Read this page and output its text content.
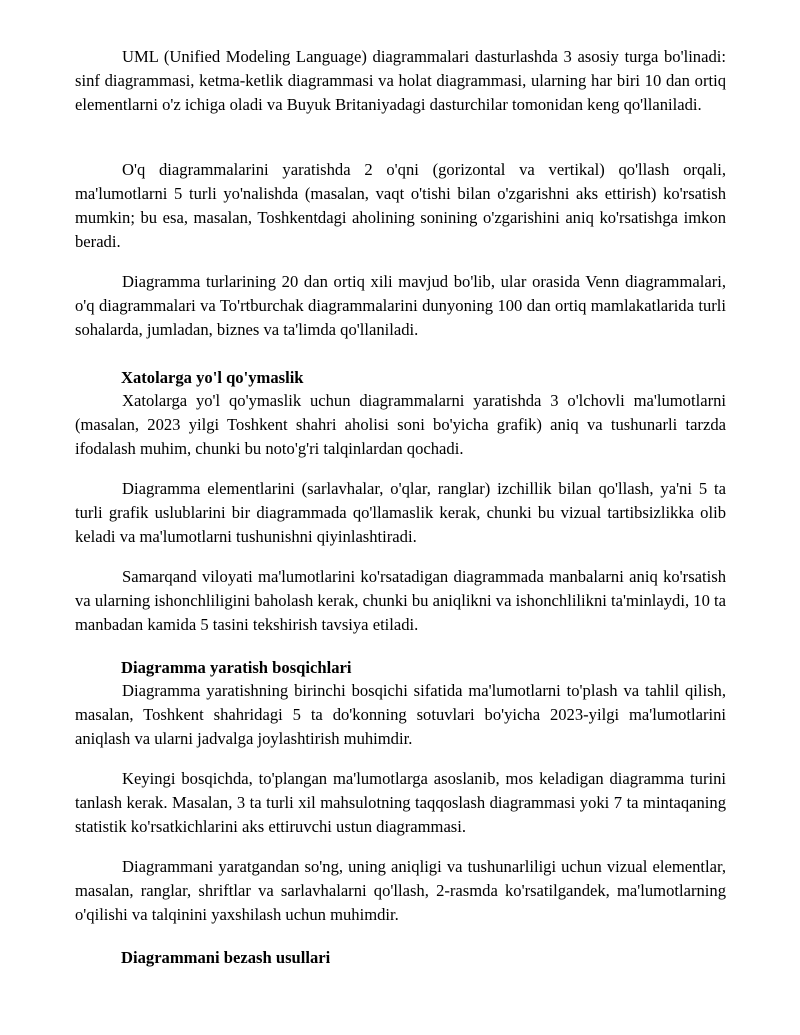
UML (Unified Modeling Language) diagrammalari dasturlashda 3 asosiy turga bo'linadi: sinf diagrammasi, ketma-ketlik diagrammasi va holat diagrammasi, ularning har biri 10 dan ortiq elementlarni o'z ichiga oladi va Buyuk Britaniyadagi dasturchilar tomonidan keng qo'llaniladi.

O'q diagrammalarini yaratishda 2 o'qni (gorizontal va vertikal) qo'llash orqali, ma'lumotlarni 5 turli yo'nalishda (masalan, vaqt o'tishi bilan o'zgarishni aks ettirish) ko'rsatish mumkin; bu esa, masalan, Toshkentdagi aholining sonining o'zgarishini aniq ko'rsatishga imkon beradi.

Diagramma turlarining 20 dan ortiq xili mavjud bo'lib, ular orasida Venn diagrammalari, o'q diagrammalari va To'rtburchak diagrammalarini dunyoning 100 dan ortiq mamlakatlarida turli sohalarda, jumladan, biznes va ta'limda qo'llaniladi.

Xatolarga yo'l qo'ymaslik

Xatolarga yo'l qo'ymaslik uchun diagrammalarni yaratishda 3 o'lchovli ma'lumotlarni (masalan, 2023 yilgi Toshkent shahri aholisi soni bo'yicha grafik) aniq va tushunarli tarzda ifodalash muhim, chunki bu noto'g'ri talqinlardan qochadi.

Diagramma elementlarini (sarlavhalar, o'qlar, ranglar) izchillik bilan qo'llash, ya'ni 5 ta turli grafik uslublarini bir diagrammada qo'llamaslik kerak, chunki bu vizual tartibsizlikka olib keladi va ma'lumotlarni tushunishni qiyinlashtiradi.

Samarqand viloyati ma'lumotlarini ko'rsatadigan diagrammada manbalarni aniq ko'rsatish va ularning ishonchliligini baholash kerak, chunki bu aniqlikni va ishonchlilikni ta'minlaydi, 10 ta manbadan kamida 5 tasini tekshirish tavsiya etiladi.

Diagramma yaratish bosqichlari

Diagramma yaratishning birinchi bosqichi sifatida ma'lumotlarni to'plash va tahlil qilish, masalan, Toshkent shahridagi 5 ta do'konning sotuvlari bo'yicha 2023-yilgi ma'lumotlarini aniqlash va ularni jadvalga joylashtirish muhimdir.

Keyingi bosqichda, to'plangan ma'lumotlarga asoslanib, mos keladigan diagramma turini tanlash kerak. Masalan, 3 ta turli xil mahsulotning taqqoslash diagrammasi yoki 7 ta mintaqaning statistik ko'rsatkichlarini aks ettiruvchi ustun diagrammasi.

Diagrammani yaratgandan so'ng, uning aniqligi va tushunarliligi uchun vizual elementlar, masalan, ranglar, shriftlar va sarlavhalarni qo'llash, 2-rasmda ko'rsatilgandek, ma'lumotlarning o'qilishi va talqinini yaxshilash uchun muhimdir.

Diagrammani bezash usullari
